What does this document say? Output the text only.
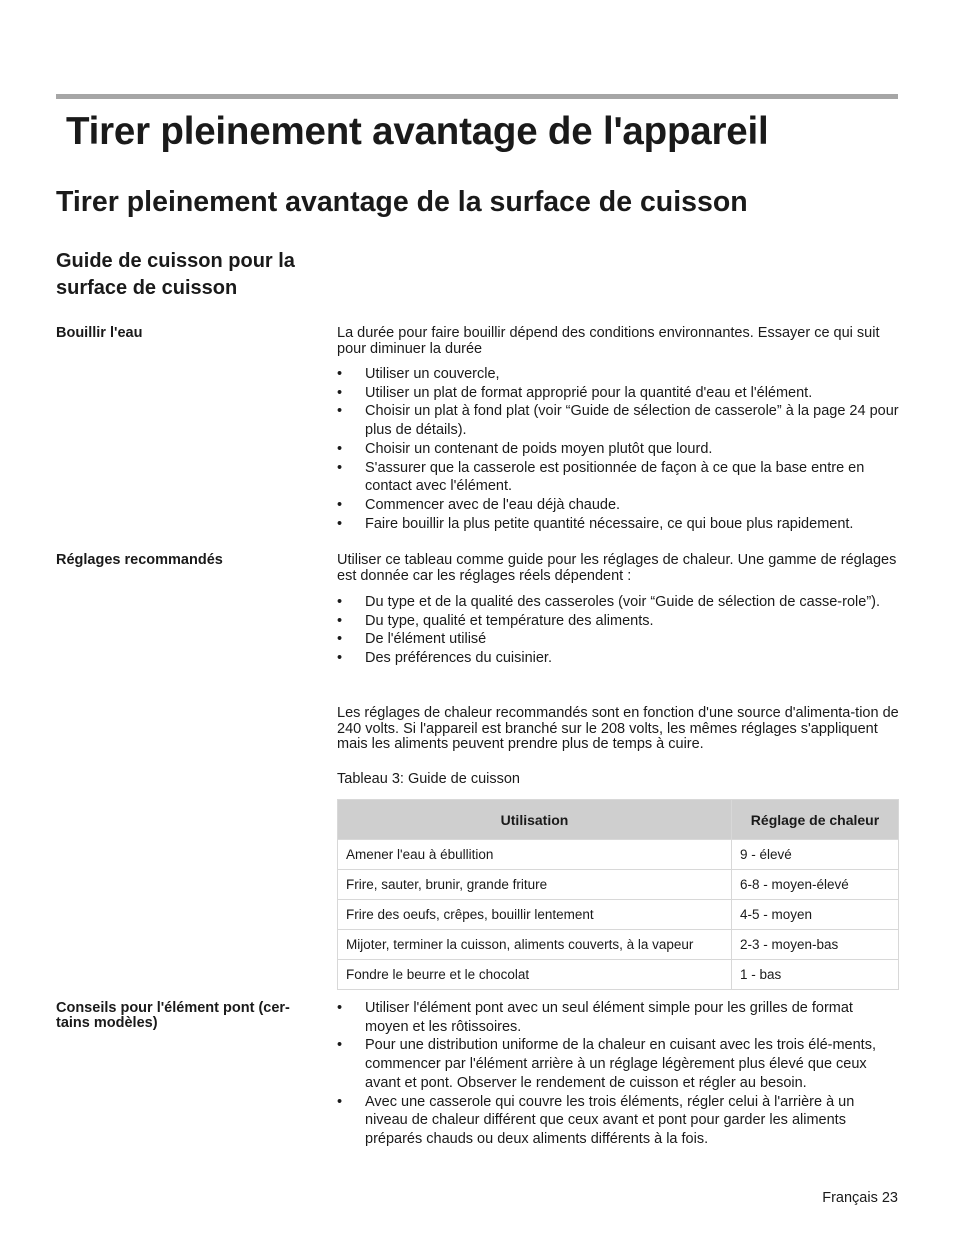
Tirer pleinement avantage de l'appareil
Tirer pleinement avantage de la surface de cuisson
Guide de cuisson pour la surface de cuisson
Bouillir l'eau	La durée pour faire bouillir dépend des conditions environnantes. Essayer ce qui suit pour diminuer la durée

• Utiliser un couvercle,
• Utiliser un plat de format approprié pour la quantité d'eau et l'élément.
• Choisir un plat à fond plat (voir “Guide de sélection de casserole” à la page 24 pour plus de détails).
• Choisir un contenant de poids moyen plutôt que lourd.
• S'assurer que la casserole est positionnée de façon à ce que la base entre en contact avec l'élément.
• Commencer avec de l'eau déjà chaude.
• Faire bouillir la plus petite quantité nécessaire, ce qui boue plus rapidement.
Réglages recommandés	Utiliser ce tableau comme guide pour les réglages de chaleur. Une gamme de réglages est donnée car les réglages réels dépendent :

• Du type et de la qualité des casseroles (voir “Guide de sélection de casse-role”).
• Du type, qualité et température des aliments.
• De l'élément utilisé
• Des préférences du cuisinier.

Les réglages de chaleur recommandés sont en fonction d'une source d'alimenta-tion de 240 volts. Si l'appareil est branché sur le 208 volts, les mêmes réglages s'appliquent mais les aliments peuvent prendre plus de temps à cuire.

Tableau 3: Guide de cuisson
Utilisation	Réglage de chaleur
Amener l'eau à ébullition	9 - élevé
Frire, sauter, brunir, grande friture	6-8 - moyen-élevé
Frire des oeufs, crêpes, bouillir lentement	4-5 - moyen
Mijoter, terminer la cuisson, aliments couverts, à la vapeur	2-3 - moyen-bas
Fondre le beurre et le chocolat	1 - bas
Conseils pour l'élément pont (cer-tains modèles)
• Utiliser l'élément pont avec un seul élément simple pour les grilles de format moyen et les rôtissoires.
• Pour une distribution uniforme de la chaleur en cuisant avec les trois élé-ments, commencer par l'élément arrière à un réglage légèrement plus élevé que ceux avant et pont. Observer le rendement de cuisson et régler au besoin.
• Avec une casserole qui couvre les trois éléments, régler celui à l'arrière à un niveau de chaleur différent que ceux avant et pont pour garder les aliments préparés chauds ou deux aliments différents à la fois.
Français 23
